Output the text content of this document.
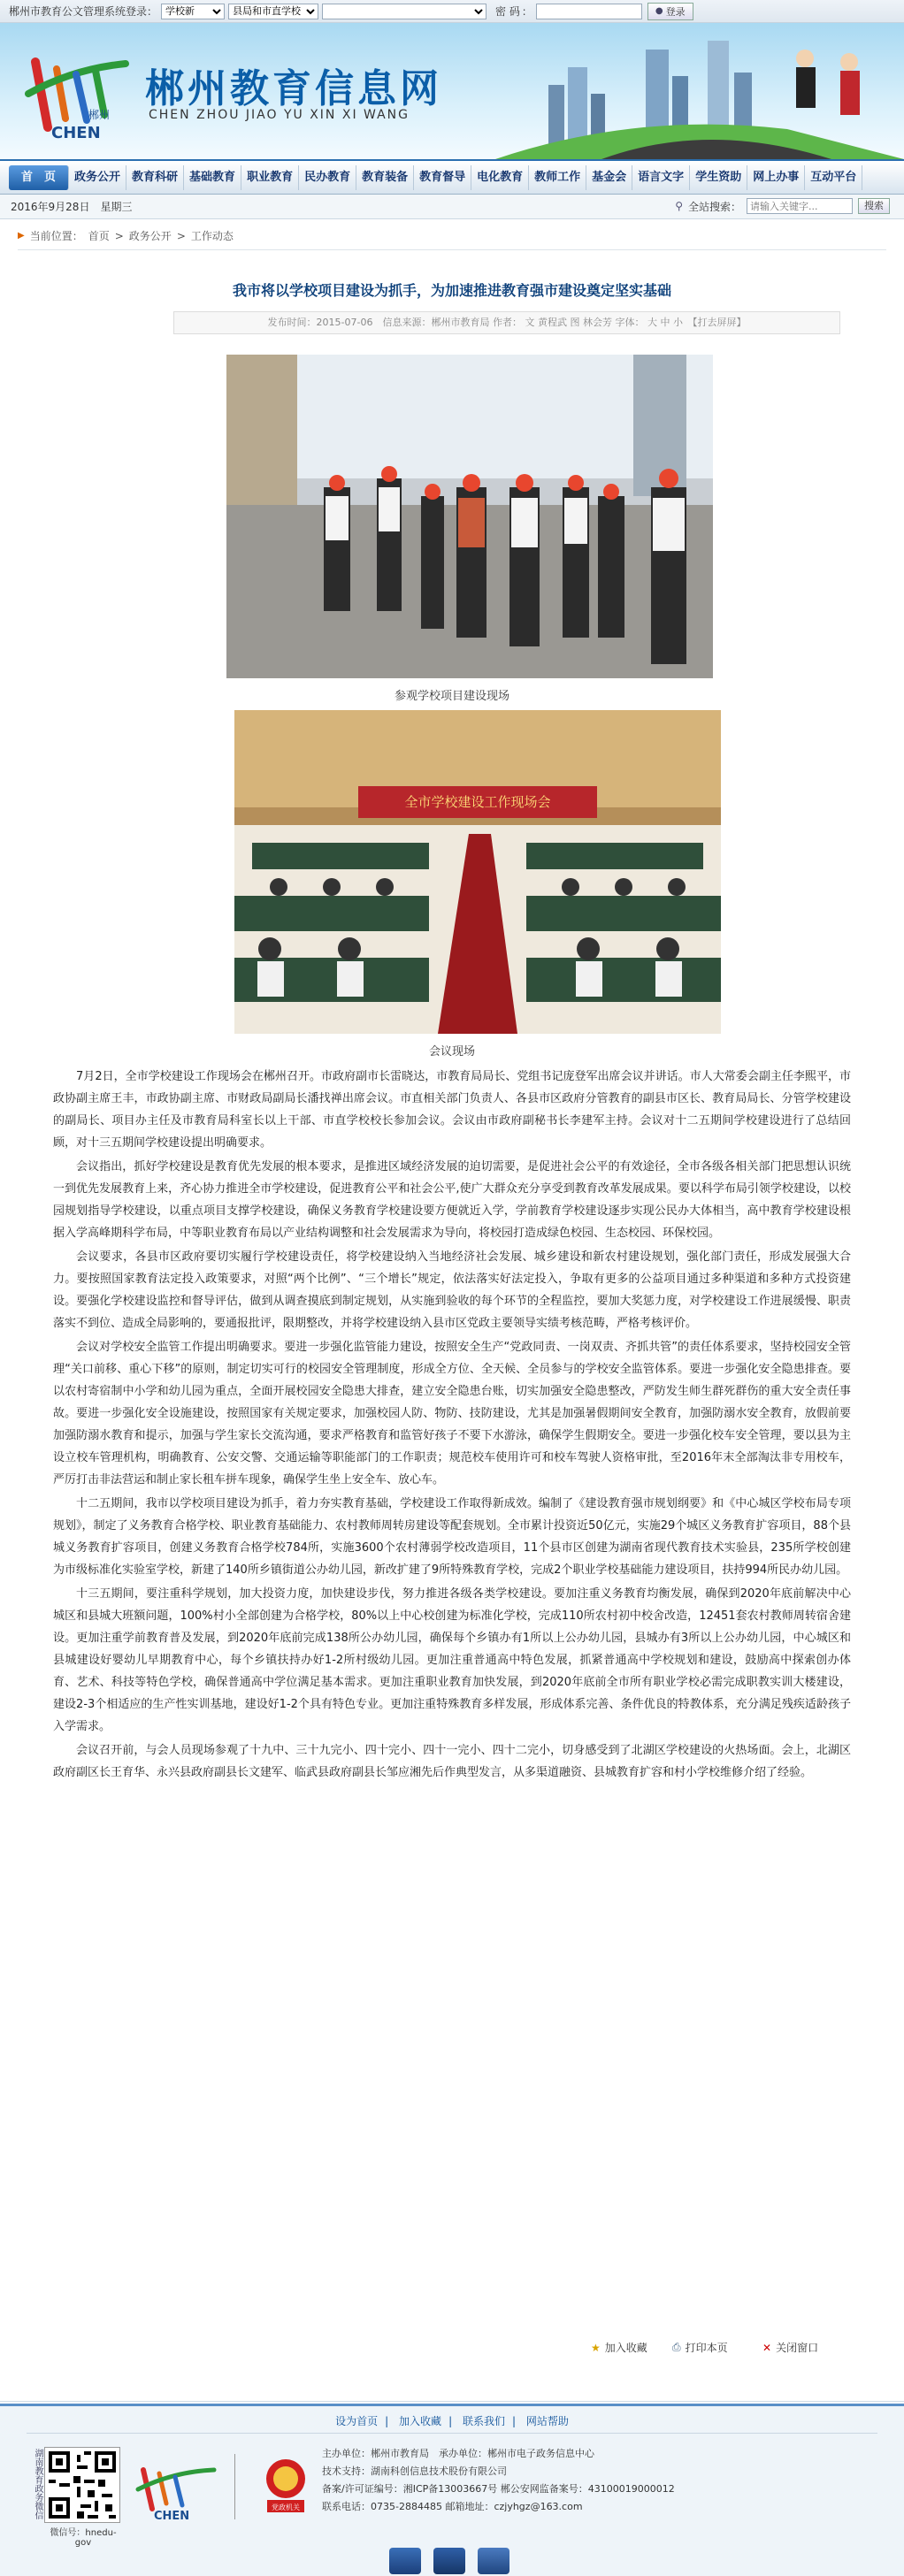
郴州市教育公文管理系统登录：
学校新
县局和市直学校	密 码 ：	● 登录
郴州
CHEN
郴州教育信息网
CHEN ZHOU JIAO YU XIN XI WANG
首　页	政务公开	教育科研	基础教育	职业教育	民办教育	教育装备	教育督导	电化教育	教师工作	基金会	语言文字	学生资助	网上办事	互动平台
2016年9月28日 星期三	⚲ 全站搜索：
请输入关键字...	搜索
▶ 当前位置： 首页 > 政务公开 > 工作动态
我市将以学校项目建设为抓手，为加速推进教育强市建设奠定坚实基础
发布时间：2015-07-06　信息来源：郴州市教育局 作者： 文 黄程武 图 林会芳 字体： 大 中 小　【打去屏屏】
参观学校项目建设现场
全市学校建设工作现场会
会议现场

7月2日，全市学校建设工作现场会在郴州召开。市政府副市长雷晓达，市教育局局长、党组书记庞登军出席会议并讲话。市人大常委会副主任李熙平，市政协副主席王丰，市政协副主席、市财政局副局长潘找禅出席会议。市直相关部门负责人、各县市区政府分管教育的副县市区长、教育局局长、分管学校建设的副局长、项目办主任及市教育局科室长以上干部、市直学校校长参加会议。会议由市政府副秘书长李建军主持。会议对十二五期间学校建设进行了总结回顾，对十三五期间学校建设提出明确要求。

会议指出，抓好学校建设是教育优先发展的根本要求，是推进区域经济发展的迫切需要，是促进社会公平的有效途径，全市各级各相关部门把思想认识统一到优先发展教育上来，齐心协力推进全市学校建设，促进教育公平和社会公平,使广大群众充分享受到教育改革发展成果。要以科学布局引领学校建设，以校园规划指导学校建设，以重点项目支撑学校建设，确保义务教育学校建设要方便就近入学，学前教育学校建设逐步实现公民办大体相当，高中教育学校建设根据入学高峰期科学布局，中等职业教育布局以产业结构调整和社会发展需求为导向，将校园打造成绿色校园、生态校园、环保校园。

会议要求，各县市区政府要切实履行学校建设责任，将学校建设纳入当地经济社会发展、城乡建设和新农村建设规划，强化部门责任，形成发展强大合力。要按照国家教育法定投入政策要求，对照“两个比例”、“三个增长”规定，依法落实好法定投入，争取有更多的公益项目通过多种渠道和多种方式投资建设。要强化学校建设监控和督导评估，做到从调查摸底到制定规划，从实施到验收的每个环节的全程监控，要加大奖惩力度，对学校建设工作进展缓慢、职责落实不到位、造成全局影响的，要通报批评，限期整改，并将学校建设纳入县市区党政主要领导实绩考核范畴，严格考核评价。

会议对学校安全监管工作提出明确要求。要进一步强化监管能力建设，按照安全生产“党政同责、一岗双责、齐抓共管”的责任体系要求，坚持校园安全管理“关口前移、重心下移”的原则，制定切实可行的校园安全管理制度，形成全方位、全天候、全员参与的学校安全监管体系。要进一步强化安全隐患排查。要以农村寄宿制中小学和幼儿园为重点，全面开展校园安全隐患大排查，建立安全隐患台账，切实加强安全隐患整改，严防发生师生群死群伤的重大安全责任事故。要进一步强化安全设施建设，按照国家有关规定要求，加强校园人防、物防、技防建设，尤其是加强暑假期间安全教育，加强防溺水安全教育，放假前要加强防溺水教育和提示，加强与学生家长交流沟通，要求严格教育和监管好孩子不要下水游泳，确保学生假期安全。要进一步强化校车安全管理，要以县为主设立校车管理机构，明确教育、公安交警、交通运输等职能部门的工作职责；规范校车使用许可和校车驾驶人资格审批，至2016年末全部淘汰非专用校车，严厉打击非法营运和制止家长租车拼车现象，确保学生坐上安全车、放心车。

十二五期间，我市以学校项目建设为抓手，着力夯实教育基础，学校建设工作取得新成效。编制了《建设教育强市规划纲要》和《中心城区学校布局专项规划》，制定了义务教育合格学校、职业教育基础能力、农村教师周转房建设等配套规划。全市累计投资近50亿元，实施29个城区义务教育扩容项目，88个县城义务教育扩容项目，创建义务教育合格学校784所，实施3600个农村薄弱学校改造项目，11个县市区创建为湖南省现代教育技术实验县，235所学校创建为市级标准化实验室学校，新建了140所乡镇街道公办幼儿园，新改扩建了9所特殊教育学校，完成2个职业学校基础能力建设项目，扶持994所民办幼儿园。

十三五期间，要注重科学规划，加大投资力度，加快建设步伐，努力推进各级各类学校建设。要加注重义务教育均衡发展，确保到2020年底前解决中心城区和县城大班额问题，100%村小全部创建为合格学校，80%以上中心校创建为标准化学校，完成110所农村初中校舍改造，12451套农村教师周转宿舍建设。更加注重学前教育普及发展，到2020年底前完成138所公办幼儿园，确保每个乡镇办有1所以上公办幼儿园，县城办有3所以上公办幼儿园，中心城区和县城建设好婴幼儿早期教育中心，每个乡镇扶持办好1-2所村级幼儿园。更加注重普通高中特色发展，抓紧普通高中学校规划和建设，鼓励高中探索创办体育、艺术、科技等特色学校，确保普通高中学位满足基本需求。更加注重职业教育加快发展，到2020年底前全市所有职业学校必需完成职教实训大楼建设，建设2-3个相适应的生产性实训基地，建设好1-2个具有特色专业。更加注重特殊教育多样发展，形成体系完善、条件优良的特教体系，充分满足残疾适龄孩子入学需求。

会议召开前，与会人员现场参观了十九中、三十九完小、四十完小、四十一完小、四十二完小，切身感受到了北湖区学校建设的火热场面。会上，北湖区政府副区长王育华、永兴县政府副县长文建军、临武县政府副县长邹应湘先后作典型发言，从多渠道融资、县城教育扩容和村小学校维修介绍了经验。

★ 加入收藏 ⎙ 打印本页	✕ 关闭窗口
设为首页 | 加入收藏 | 联系我们 | 网站帮助
湖南教育政务微信
微信号：hnedu-gov
CHEN
党政机关
主办单位：郴州市教育局　承办单位：郴州市电子政务信息中心
技术支持：湖南科创信息技术股份有限公司
备案/许可证编号：湘ICP备13003667号 郴公安网监备案号：43100019000012
联系电话：0735-2884485 邮箱地址：czjyhgz@163.com
